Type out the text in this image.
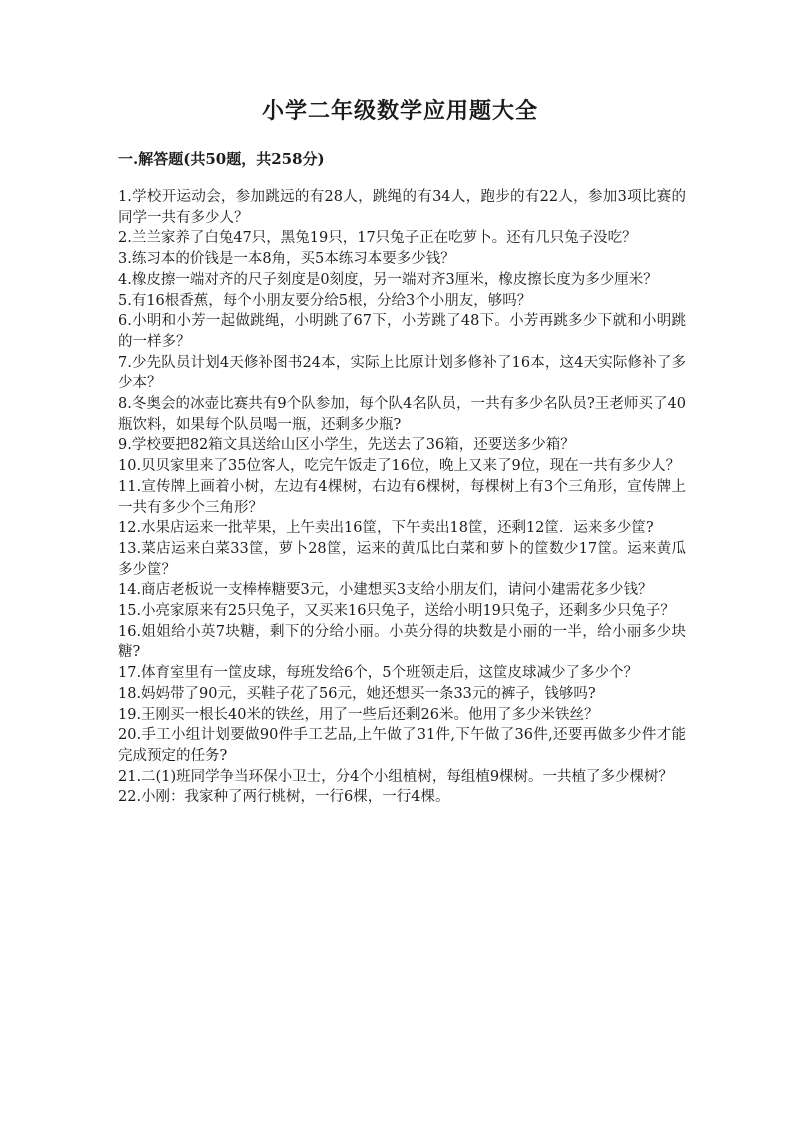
小学二年级数学应用题大全
一.解答题(共50题，共258分)
1.学校开运动会，参加跳远的有28人，跳绳的有34人，跑步的有22人，参加3项比赛的同学一共有多少人？
2.兰兰家养了白兔47只，黑兔19只，17只兔子正在吃萝卜。还有几只兔子没吃？
3.练习本的价钱是一本8角，买5本练习本要多少钱？
4.橡皮擦一端对齐的尺子刻度是0刻度，另一端对齐3厘米，橡皮擦长度为多少厘米？
5.有16根香蕉，每个小朋友要分给5根，分给3个小朋友，够吗？
6.小明和小芳一起做跳绳，小明跳了67下，小芳跳了48下。小芳再跳多少下就和小明跳的一样多？
7.少先队员计划4天修补图书24本，实际上比原计划多修补了16本，这4天实际修补了多少本？
8.冬奥会的冰壶比赛共有9个队参加，每个队4名队员，一共有多少名队员?王老师买了40瓶饮料，如果每个队员喝一瓶，还剩多少瓶?
9.学校要把82箱文具送给山区小学生，先送去了36箱，还要送多少箱？
10.贝贝家里来了35位客人，吃完午饭走了16位，晚上又来了9位，现在一共有多少人？
11.宣传牌上画着小树，左边有4棵树，右边有6棵树，每棵树上有3个三角形，宣传牌上一共有多少个三角形？
12.水果店运来一批苹果，上午卖出16筐，下午卖出18筐，还剩12筐．运来多少筐?
13.菜店运来白菜33筐，萝卜28筐，运来的黄瓜比白菜和萝卜的筐数少17筐。运来黄瓜多少筐？
14.商店老板说一支棒棒糖要3元，小建想买3支给小朋友们，请问小建需花多少钱？
15.小亮家原来有25只兔子，又买来16只兔子，送给小明19只兔子，还剩多少只兔子？
16.姐姐给小英7块糖，剩下的分给小丽。小英分得的块数是小丽的一半，给小丽多少块糖?
17.体育室里有一筐皮球，每班发给6个，5个班领走后，这筐皮球减少了多少个？
18.妈妈带了90元，买鞋子花了56元，她还想买一条33元的裤子，钱够吗?
19.王刚买一根长40米的铁丝，用了一些后还剩26米。他用了多少米铁丝？
20.手工小组计划要做90件手工艺品,上午做了31件,下午做了36件,还要再做多少件才能完成预定的任务?
21.二(1)班同学争当环保小卫士，分4个小组植树，每组植9棵树。一共植了多少棵树？
22.小刚：我家种了两行桃树，一行6棵，一行4棵。
